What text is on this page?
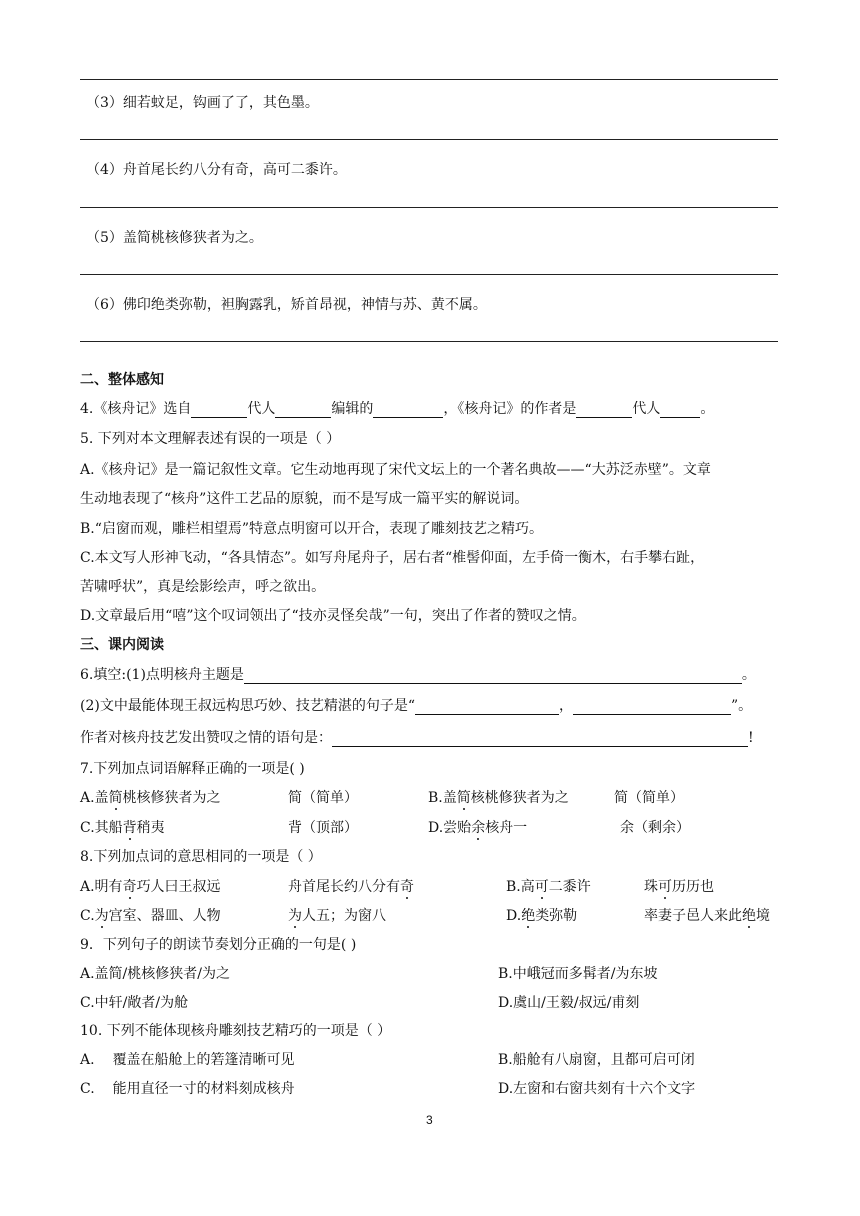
（3）细若蚊足，钩画了了，其色墨。
（4）舟首尾长约八分有奇，高可二黍许。
（5）盖简桃核修狭者为之。
（6）佛印绝类弥勒，袒胸露乳，矫首昂视，神情与苏、黄不属。
二、整体感知
4.《核舟记》选自	代人	编辑的	，《核舟记》的作者是	代人	。
5. 下列对本文理解表述有误的一项是（ ）
A.《核舟记》是一篇记叙性文章。它生动地再现了宋代文坛上的一个著名典故——“大苏泛赤壁”。文章
生动地表现了“核舟”这件工艺品的原貌，而不是写成一篇平实的解说词。
B.“启窗而观，雕栏相望焉”特意点明窗可以开合，表现了雕刻技艺之精巧。
C.本文写人形神飞动，“各具情态”。如写舟尾舟子，居右者“椎髻仰面，左手倚一衡木，右手攀右趾，
苦啸呼状”，真是绘影绘声，呼之欲出。
D.文章最后用“嘻”这个叹词领出了“技亦灵怪矣哉”一句，突出了作者的赞叹之情。
三、课内阅读
6.填空:(1)点明核舟主题是	。
(2)文中最能体现王叔远构思巧妙、技艺精湛的句子是“	，	”。
作者对核舟技艺发出赞叹之情的语句是：	!
7.下列加点词语解释正确的一项是( )
A.盖简桃核修狭者为之	简（简单）	B.盖简核桃修狭者为之	简（简单）
C.其船背稍夷	背（顶部）	D.尝贻余核舟一	余（剩余）
8.下列加点词的意思相同的一项是（ ）
A.明有奇巧人曰王叔远	舟首尾长约八分有奇	B.高可二黍许	珠可历历也
C.为宫室、器皿、人物	为人五；为窗八	D.绝类弥勒	率妻子邑人来此绝境
9．下列句子的朗读节奏划分正确的一句是( )
A.盖简/桃核修狭者/为之	B.中峨冠而多髯者/为东坡
C.中轩/敞者/为舱	D.虞山/王毅/叔远/甫刻
10. 下列不能体现核舟雕刻技艺精巧的一项是（ ）
A. 覆盖在船舱上的箬篷清晰可见	B.船舱有八扇窗，且都可启可闭
C. 能用直径一寸的材料刻成核舟	D.左窗和右窗共刻有十六个文字
3
